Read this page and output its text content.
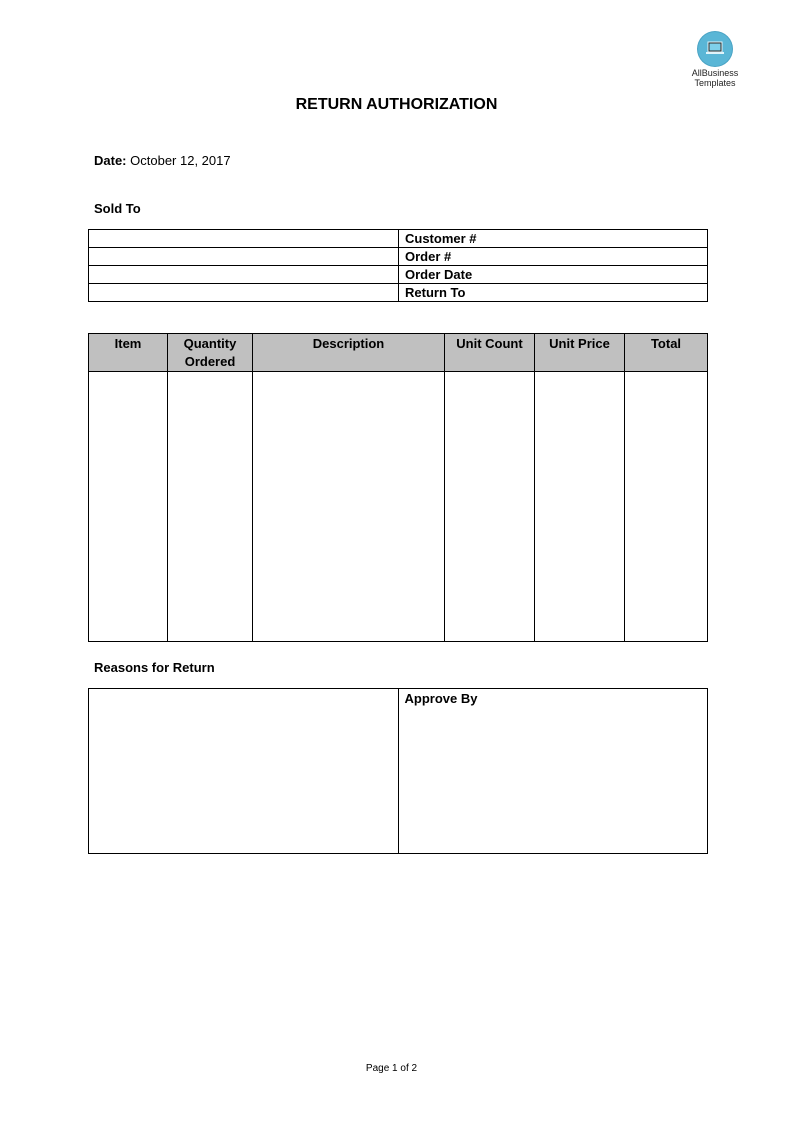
AllBusiness
Templates
RETURN AUTHORIZATION
Date: October 12, 2017
Sold To
	Customer #
	Order #
	Order Date
	Return To
Item	Quantity Ordered	Description	Unit Count	Unit Price	Total

Reasons for Return
	Approve By
Page 1 of 2
